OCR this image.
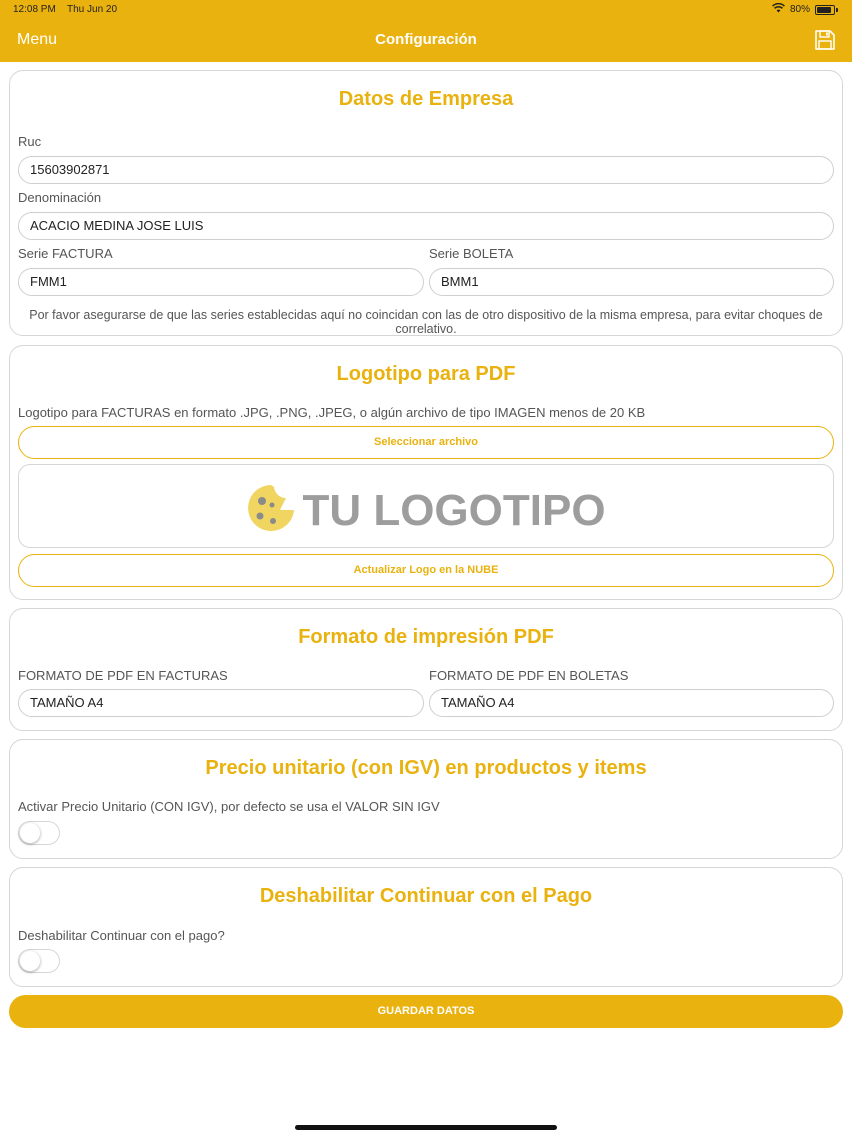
12:08 PM Thu Jun 20	80%
Menu	Configuración
Datos de Empresa
Ruc
15603902871
Denominación
ACACIO MEDINA JOSE LUIS
Serie FACTURA
FMM1
Serie BOLETA
BMM1
Por favor asegurarse de que las series establecidas aquí no coincidan con las de otro dispositivo de la misma empresa, para evitar choques de correlativo.
Logotipo para PDF
Logotipo para FACTURAS en formato .JPG, .PNG, .JPEG, o algún archivo de tipo IMAGEN menos de 20 KB
Seleccionar archivo
TU LOGOTIPO
Actualizar Logo en la NUBE
Formato de impresión PDF
FORMATO DE PDF EN FACTURAS
TAMAÑO A4
FORMATO DE PDF EN BOLETAS
TAMAÑO A4
Precio unitario (con IGV) en productos y items
Activar Precio Unitario (CON IGV), por defecto se usa el VALOR SIN IGV
Deshabilitar Continuar con el Pago
Deshabilitar Continuar con el pago?
GUARDAR DATOS
